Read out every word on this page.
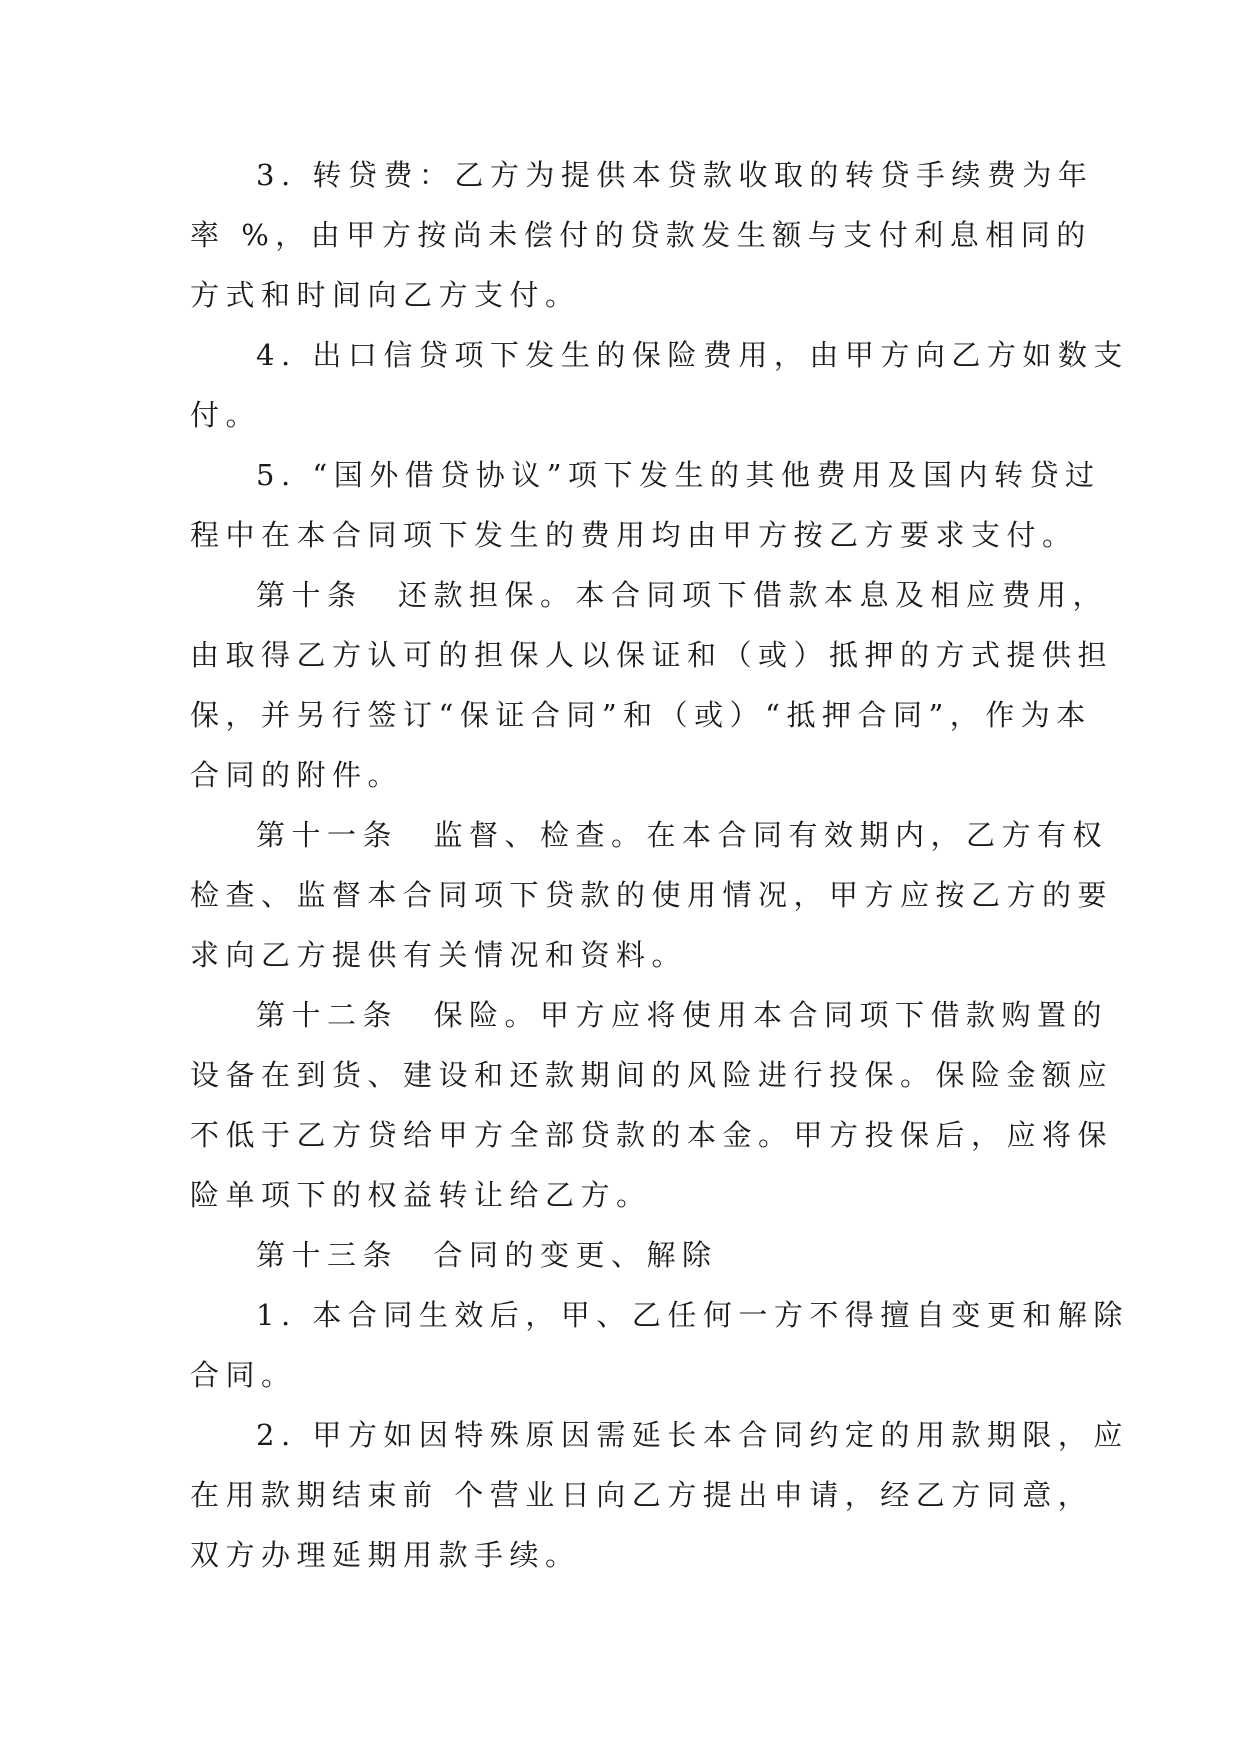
3. 转贷费：乙方为提供本贷款收取的转贷手续费为年
率 %，由甲方按尚未偿付的贷款发生额与支付利息相同的
方式和时间向乙方支付。

4. 出口信贷项下发生的保险费用，由甲方向乙方如数支
付。

5. “国外借贷协议”项下发生的其他费用及国内转贷过
程中在本合同项下发生的费用均由甲方按乙方要求支付。

第十条　还款担保。本合同项下借款本息及相应费用，
由取得乙方认可的担保人以保证和（或）抵押的方式提供担
保，并另行签订“保证合同”和（或）“抵押合同”，作为本
合同的附件。

第十一条　监督、检查。在本合同有效期内，乙方有权
检查、监督本合同项下贷款的使用情况，甲方应按乙方的要
求向乙方提供有关情况和资料。

第十二条　保险。甲方应将使用本合同项下借款购置的
设备在到货、建设和还款期间的风险进行投保。保险金额应
不低于乙方贷给甲方全部贷款的本金。甲方投保后，应将保
险单项下的权益转让给乙方。

第十三条　合同的变更、解除

1. 本合同生效后，甲、乙任何一方不得擅自变更和解除
合同。

2. 甲方如因特殊原因需延长本合同约定的用款期限，应
在用款期结束前 个营业日向乙方提出申请，经乙方同意，
双方办理延期用款手续。
